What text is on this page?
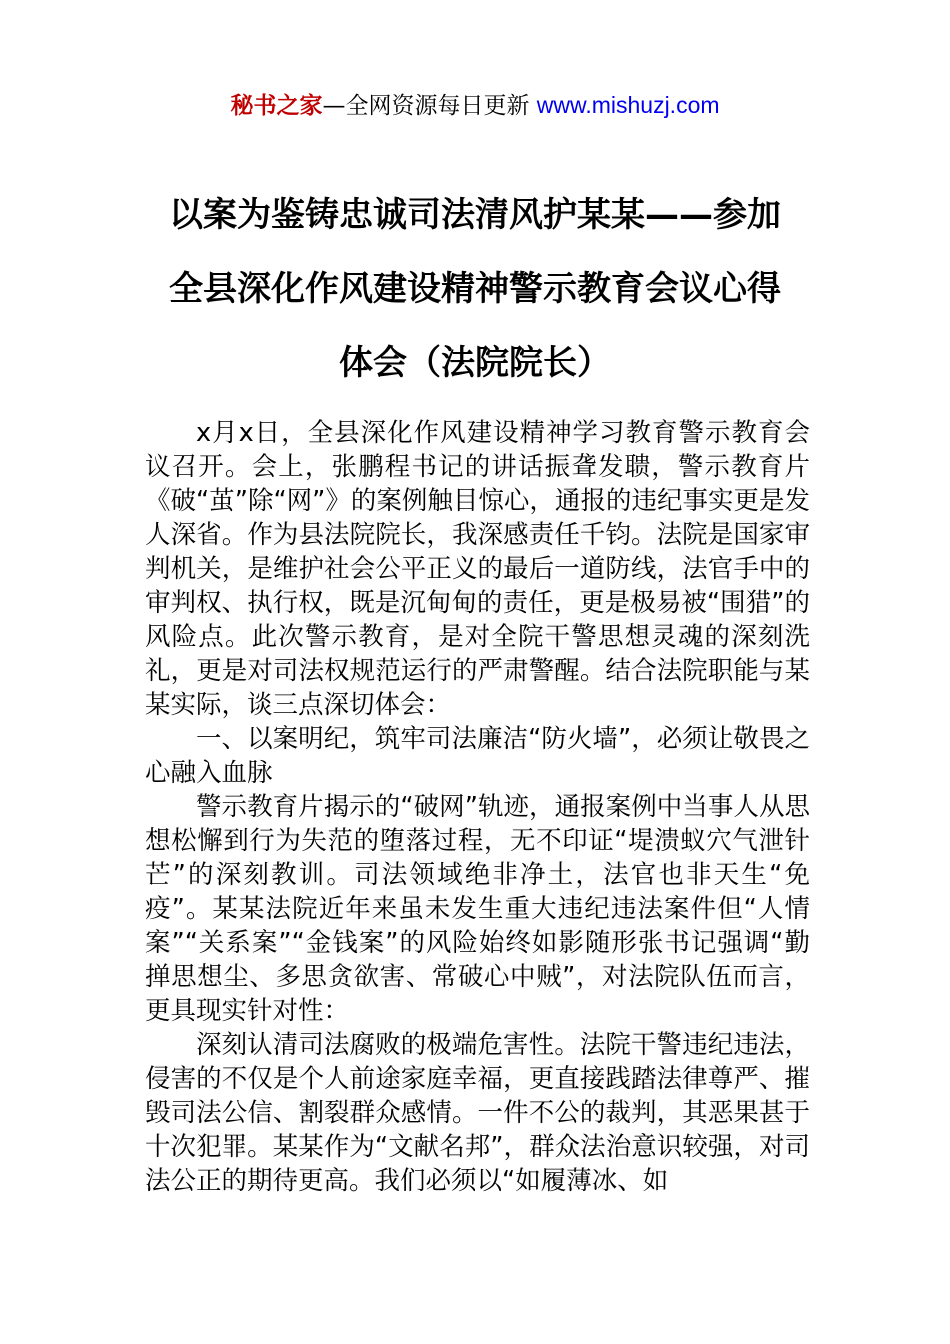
秘书之家—全网资源每日更新 www.mishuzj.com
以案为鉴铸忠诚司法清风护某某——参加
全县深化作风建设精神警示教育会议心得
体会（法院院长）

x月x日，全县深化作风建设精神学习教育警示教育会议召开。会上，张鹏程书记的讲话振聋发聩，警示教育片《破“茧”除“网”》的案例触目惊心，通报的违纪事实更是发人深省。作为县法院院长，我深感责任千钧。法院是国家审判机关，是维护社会公平正义的最后一道防线，法官手中的审判权、执行权，既是沉甸甸的责任，更是极易被“围猎”的风险点。此次警示教育，是对全院干警思想灵魂的深刻洗礼，更是对司法权规范运行的严肃警醒。结合法院职能与某某实际，谈三点深切体会：

一、以案明纪，筑牢司法廉洁“防火墙”，必须让敬畏之心融入血脉

警示教育片揭示的“破网”轨迹，通报案例中当事人从思想松懈到行为失范的堕落过程，无不印证“堤溃蚁穴气泄针芒”的深刻教训。司法领域绝非净土，法官也非天生“免疫”。某某法院近年来虽未发生重大违纪违法案件但“人情案”“关系案”“金钱案”的风险始终如影随形张书记强调“勤掸思想尘、多思贪欲害、常破心中贼”，对法院队伍而言，更具现实针对性：

深刻认清司法腐败的极端危害性。法院干警违纪违法，侵害的不仅是个人前途家庭幸福，更直接践踏法律尊严、摧毁司法公信、割裂群众感情。一件不公的裁判，其恶果甚于十次犯罪。某某作为“文献名邦”，群众法治意识较强，对司法公正的期待更高。我们必须以“如履薄冰、如
